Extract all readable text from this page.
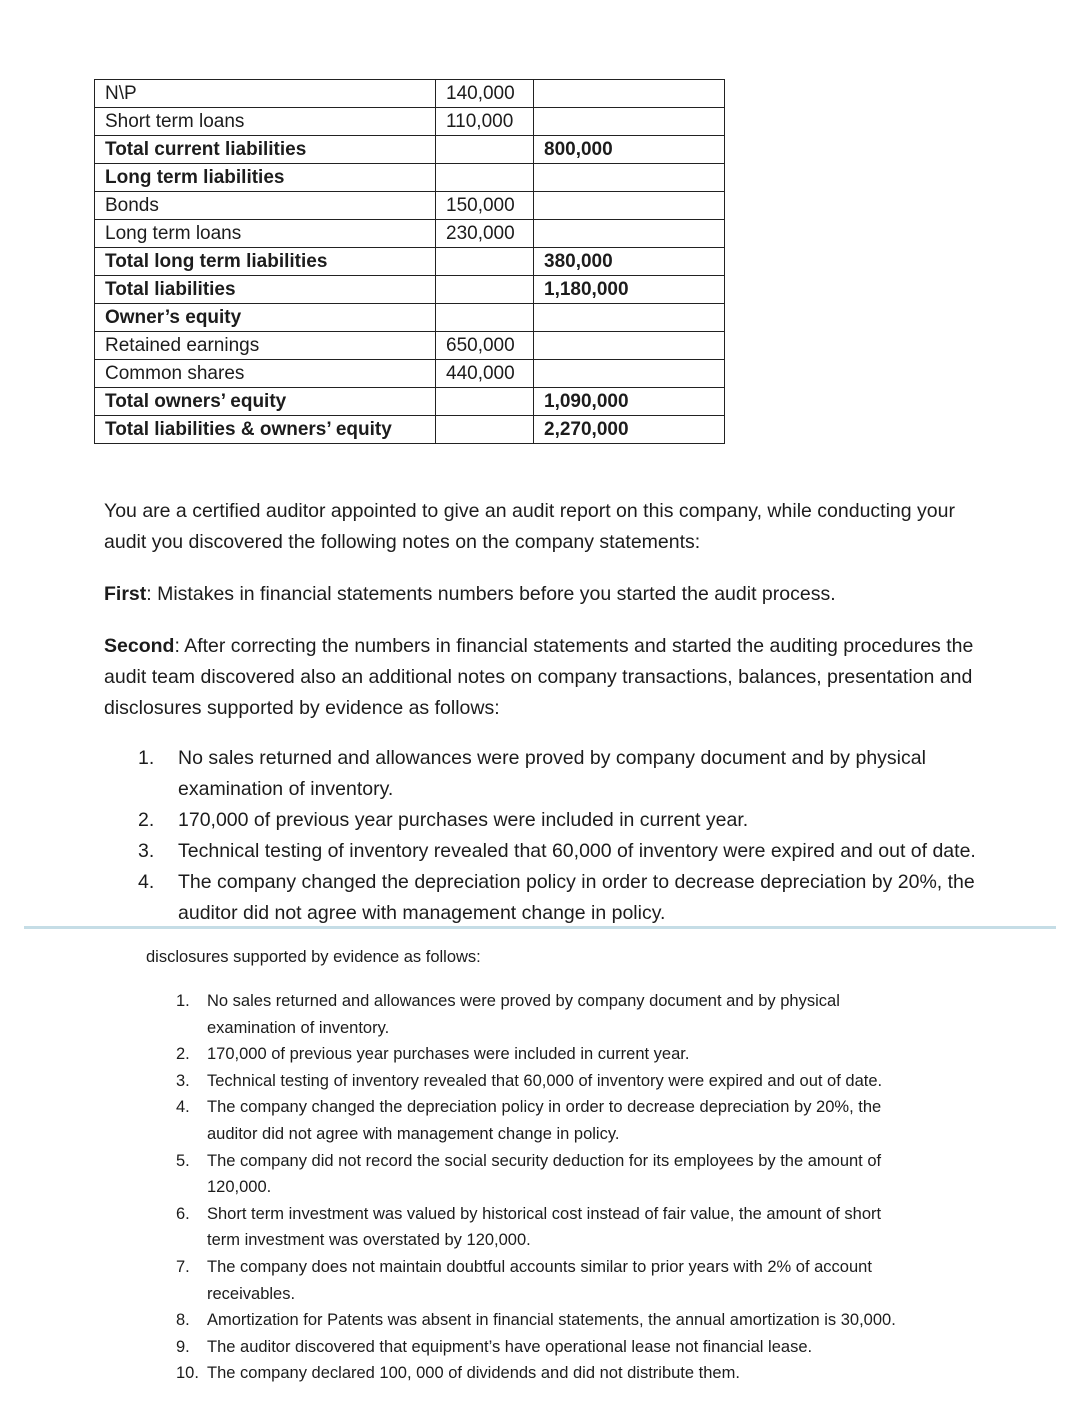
N\P	140,000	
Short term loans	110,000	
Total current liabilities		800,000
Long term liabilities		
Bonds	150,000	
Long term loans	230,000	
Total long term liabilities		380,000
Total liabilities		1,180,000
Owner’s equity		
Retained earnings	650,000	
Common shares	440,000	
Total owners’ equity		1,090,000
Total liabilities & owners’ equity		2,270,000

You are a certified auditor appointed to give an audit report on this company, while conducting your

audit you discovered the following notes on the company statements:

First: Mistakes in financial statements numbers before you started the audit process.

Second: After correcting the numbers in financial statements and started the auditing procedures the

audit team discovered also an additional notes on company transactions, balances, presentation and

disclosures supported by evidence as follows:

1.	No sales returned and allowances were proved by company document and by physical
examination of inventory.
2.	170,000 of previous year purchases were included in current year.
3.	Technical testing of inventory revealed that 60,000 of inventory were expired and out of date.
4.	The company changed the depreciation policy in order to decrease depreciation by 20%, the
auditor did not agree with management change in policy.
disclosures supported by evidence as follows:
1.	No sales returned and allowances were proved by company document and by physical
examination of inventory.
2.	170,000 of previous year purchases were included in current year.
3.	Technical testing of inventory revealed that 60,000 of inventory were expired and out of date.
4.	The company changed the depreciation policy in order to decrease depreciation by 20%, the
auditor did not agree with management change in policy.
5.	The company did not record the social security deduction for its employees by the amount of
120,000.
6.	Short term investment was valued by historical cost instead of fair value, the amount of short
term investment was overstated by 120,000.
7.	The company does not maintain doubtful accounts similar to prior years with 2% of account
receivables.
8.	Amortization for Patents was absent in financial statements, the annual amortization is 30,000.
9.	The auditor discovered that equipment’s have operational lease not financial lease.
10. The company declared 100, 000 of dividends and did not distribute them.
